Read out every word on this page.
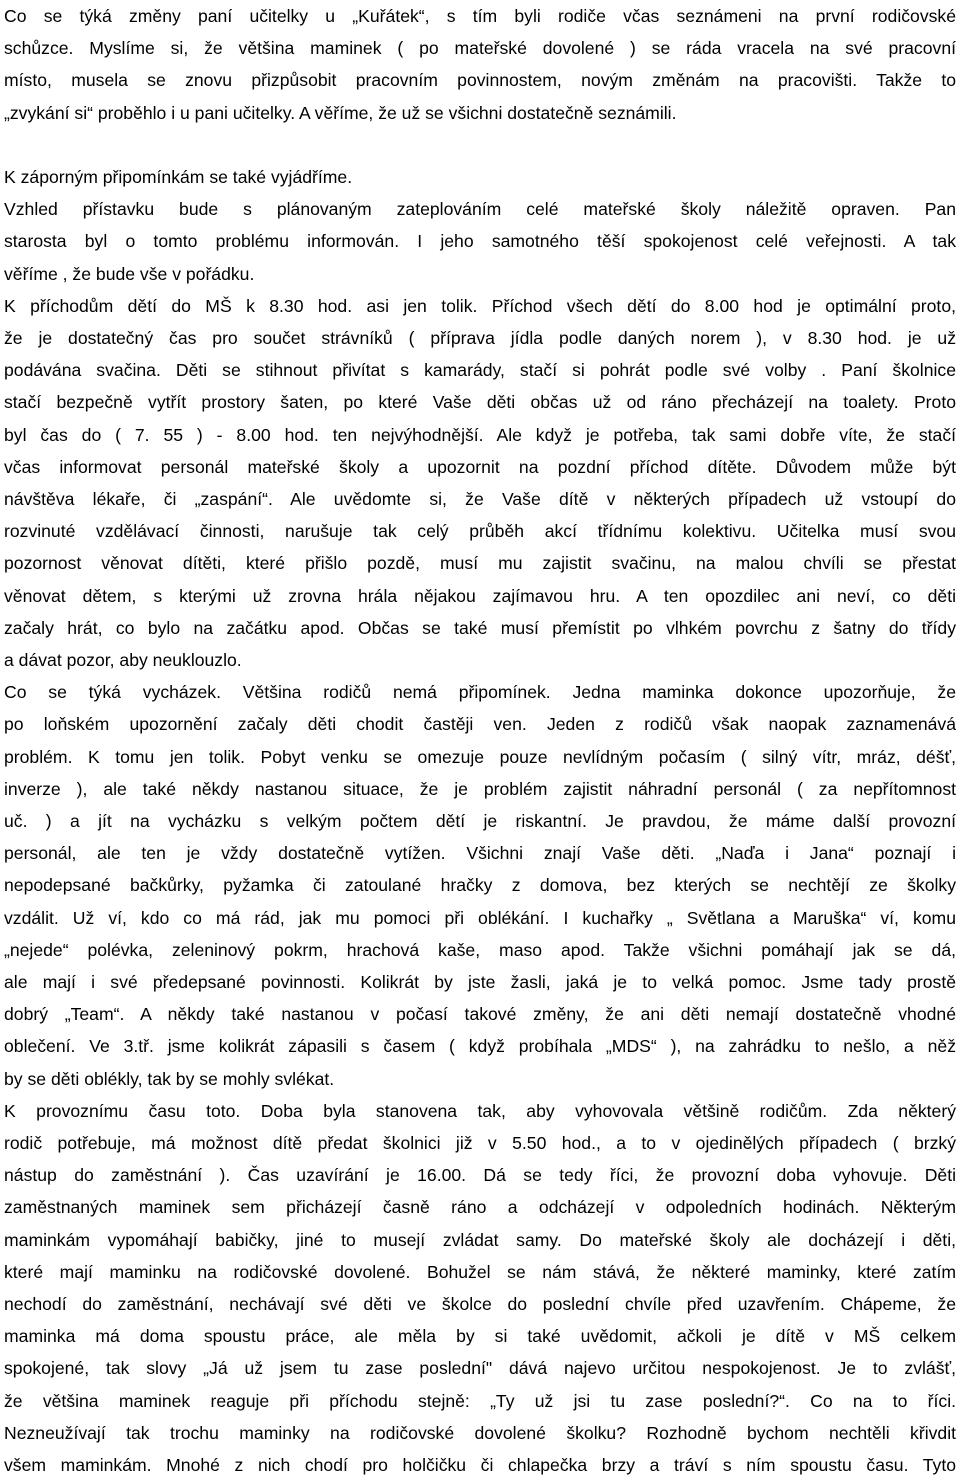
Co se týká změny paní učitelky u „Kuřátek“, s tím byli rodiče včas seznámeni na první rodičovské
schůzce. Myslíme si, že většina maminek ( po mateřské dovolené ) se ráda vracela na své pracovní
místo, musela se znovu přizpůsobit pracovním povinnostem, novým změnám na pracovišti. Takže to
„zvykání si“ proběhlo i u pani učitelky. A věříme, že už se všichni dostatečně seznámili.
K záporným připomínkám se také vyjádříme.
Vzhled přístavku bude s plánovaným zateplováním celé mateřské školy náležitě opraven. Pan
starosta byl o tomto problému informován. I jeho samotného těší spokojenost celé veřejnosti. A tak
věříme , že bude vše v pořádku.
K příchodům dětí do MŠ k 8.30 hod. asi jen tolik. Příchod všech dětí do 8.00 hod je optimální proto,
že je dostatečný čas pro součet strávníků ( příprava jídla podle daných norem ), v 8.30 hod. je už
podávána svačina. Děti se stihnout přivítat s kamarády, stačí si pohrát podle své volby . Paní školnice
stačí bezpečně vytřít prostory šaten, po které Vaše děti občas už od ráno přecházejí na toalety. Proto
byl čas do ( 7. 55 ) - 8.00 hod. ten nejvýhodnější. Ale když je potřeba, tak sami dobře víte, že stačí
včas informovat personál mateřské školy a upozornit na pozdní příchod dítěte. Důvodem může být
návštěva lékaře, či „zaspání“. Ale uvědomte si, že Vaše dítě v některých případech už vstoupí do
rozvinuté vzdělávací činnosti, narušuje tak celý průběh akcí třídnímu kolektivu. Učitelka musí svou
pozornost věnovat dítěti, které přišlo pozdě, musí mu zajistit svačinu, na malou chvíli se přestat
věnovat dětem, s kterými už zrovna hrála nějakou zajímavou hru. A ten opozdilec ani neví, co děti
začaly hrát, co bylo na začátku apod. Občas se také musí přemístit po vlhkém povrchu z šatny do třídy
a dávat pozor, aby neuklouzlo.
Co se týká vycházek. Většina rodičů nemá připomínek. Jedna maminka dokonce upozorňuje, že
po loňském upozornění začaly děti chodit častěji ven. Jeden z rodičů však naopak zaznamenává
problém. K tomu jen tolik. Pobyt venku se omezuje pouze nevlídným počasím ( silný vítr, mráz, déšť,
inverze ), ale také někdy nastanou situace, že je problém zajistit náhradní personál ( za nepřítomnost
uč. ) a jít na vycházku s velkým počtem dětí je riskantní. Je pravdou, že máme další provozní
personál, ale ten je vždy dostatečně vytížen. Všichni znají Vaše děti. „Naďa i Jana“ poznají i
nepodepsané bačkůrky, pyžamka či zatoulané hračky z domova, bez kterých se nechtějí ze školky
vzdálit. Už ví, kdo co má rád, jak mu pomoci při oblékání. I kuchařky „ Světlana a Maruška“ ví, komu
„nejede“ polévka, zeleninový pokrm, hrachová kaše, maso apod. Takže všichni pomáhají jak se dá,
ale mají i své předepsané povinnosti. Kolikrát by jste žasli, jaká je to velká pomoc. Jsme tady prostě
dobrý „Team“. A někdy také nastanou v počasí takové změny, že ani děti nemají dostatečně vhodné
oblečení. Ve 3.tř. jsme kolikrát zápasili s časem ( když probíhala „MDS“ ), na zahrádku to nešlo, a něž
by se děti oblékly, tak by se mohly svlékat.
K provoznímu času toto. Doba byla stanovena tak, aby vyhovovala většině rodičům. Zda některý
rodič potřebuje, má možnost dítě předat školnici již v 5.50 hod., a to v ojedinělých případech ( brzký
nástup do zaměstnání ). Čas uzavírání je 16.00. Dá se tedy říci, že provozní doba vyhovuje. Děti
zaměstnaných maminek sem přicházejí časně ráno a odcházejí v odpoledních hodinách. Některým
maminkám vypomáhají babičky, jiné to musejí zvládat samy. Do mateřské školy ale docházejí i děti,
které mají maminku na rodičovské dovolené. Bohužel se nám stává, že některé maminky, které zatím
nechodí do zaměstnání, nechávají své děti ve školce do poslední chvíle před uzavřením. Chápeme, že
maminka má doma spoustu práce, ale měla by si také uvědomit, ačkoli je dítě v MŠ celkem
spokojené, tak slovy „Já už jsem tu zase poslední" dává najevo určitou nespokojenost. Je to zvlášť,
že většina maminek reaguje při příchodu stejně: „Ty už jsi tu zase poslední?“. Co na to říci.
Nezneužívají tak trochu maminky na rodičovské dovolené školku? Rozhodně bychom nechtěli křivdit
všem maminkám. Mnohé z nich chodí pro holčičku či chlapečka brzy a tráví s ním spoustu času. Tyto
